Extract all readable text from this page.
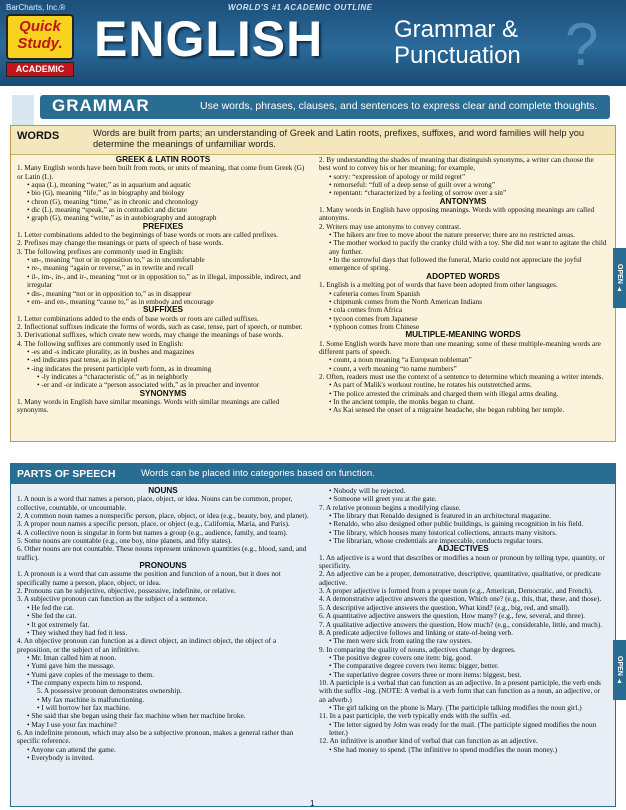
BarCharts, Inc.®	WORLD'S #1 ACADEMIC OUTLINE
Quick
Study.
ACADEMIC
ENGLISH	Grammar &
Punctuation ?
GRAMMAR	Use words, phrases, clauses, and sentences to express clear and complete thoughts.
WORDS	Words are built from parts; an understanding of Greek and Latin roots, prefixes, suffixes, and word families will help you determine the meanings of unfamiliar words.

GREEK & LATIN ROOTS

1. Many English words have been built from roots, or units of meaning, that come from Greek (G) or Latin (L).

• aqua (L), meaning “water,” as in aquarium and aquatic

• bio (G), meaning “life,” as in biography and biology

• chron (G), meaning “time,” as in chronic and chronology

• dic (L), meaning “speak,” as in contradict and dictate

• graph (G), meaning “write,” as in autobiography and autograph

PREFIXES

1. Letter combinations added to the beginnings of base words or roots are called prefixes.

2. Prefixes may change the meanings or parts of speech of base words.

3. The following prefixes are commonly used in English:

• un-, meaning “not or in opposition to,” as in uncomfortable

• re-, meaning “again or reverse,” as in rewrite and recall

• il-, im-, in-, and ir-, meaning “not or in opposition to,” as in illegal, impossible, indirect, and irregular

• dis-, meaning “not or in opposition to,” as in disappear

• em- and en-, meaning “cause to,” as in embody and encourage

SUFFIXES

1. Letter combinations added to the ends of base words or roots are called suffixes.

2. Inflectional suffixes indicate the forms of words, such as case, tense, part of speech, or number.

3. Derivational suffixes, which create new words, may change the meanings of base words.

4. The following suffixes are commonly used in English:

• -es and -s indicate plurality, as in bushes and magazines

• -ed indicates past tense, as in played

• -ing indicates the present participle verb form, as in dreaming

• -ly indicates a “characteristic of,” as in neighborly

• -er and -or indicate a “person associated with,” as in preacher and inventor

SYNONYMS

1. Many words in English have similar meanings. Words with similar meanings are called synonyms.

2. By understanding the shades of meaning that distinguish synonyms, a writer can choose the best word to convey his or her meaning; for example,

• sorry: “expression of apology or mild regret”

• remorseful: “full of a deep sense of guilt over a wrong”

• repentant: “characterized by a feeling of sorrow over a sin”

ANTONYMS

1. Many words in English have opposing meanings. Words with opposing meanings are called antonyms.

2. Writers may use antonyms to convey contrast.

• The hikers are free to move about the nature preserve; there are no restricted areas.

• The mother worked to pacify the cranky child with a toy. She did not want to agitate the child any further.

• In the sorrowful days that followed the funeral, Mario could not appreciate the joyful emergence of spring.

ADOPTED WORDS

1. English is a melting pot of words that have been adopted from other languages.

• cafeteria comes from Spanish

• chipmunk comes from the North American Indians

• cola comes from Africa

• tycoon comes from Japanese

• typhoon comes from Chinese

MULTIPLE-MEANING WORDS

1. Some English words have more than one meaning; some of these multiple-meaning words are different parts of speech.

• count, a noun meaning “a European nobleman”

• count, a verb meaning “to name numbers”

2. Often, readers must use the context of a sentence to determine which meaning a writer intends.

• As part of Malik's workout routine, he rotates his outstretched arms.

• The police arrested the criminals and charged them with illegal arms dealing.

• In the ancient temple, the monks began to chant.

• As Kai sensed the onset of a migraine headache, she began rubbing her temple.

PARTS OF SPEECH	Words can be placed into categories based on function.

NOUNS

1. A noun is a word that names a person, place, object, or idea. Nouns can be common, proper, collective, countable, or uncountable.

2. A common noun names a nonspecific person, place, object, or idea (e.g., beauty, boy, and planet).

3. A proper noun names a specific person, place, or object (e.g., California, Maria, and Paris).

4. A collective noun is singular in form but names a group (e.g., audience, family, and team).

5. Some nouns are countable (e.g., one boy, nine planets, and fifty states).

6. Other nouns are not countable. These nouns represent unknown quantities (e.g., blood, sand, and traffic).

PRONOUNS

1. A pronoun is a word that can assume the position and function of a noun, but it does not specifically name a person, place, object, or idea.

2. Pronouns can be subjective, objective, possessive, indefinite, or relative.

3. A subjective pronoun can function as the subject of a sentence.

• He fed the cat.

• She fed the cat.

• It got extremely fat.

• They wished they had fed it less.

4. An objective pronoun can function as a direct object, an indirect object, the object of a preposition, or the subject of an infinitive.

• Mr. Iman called him at noon.

• Yumi gave him the message.

• Yumi gave copies of the message to them.

• The company expects him to respond.

5. A possessive pronoun demonstrates ownership.

• My fax machine is malfunctioning.

• I will borrow her fax machine.

• She said that she began using their fax machine when her machine broke.

• May I use your fax machine?

6. An indefinite pronoun, which may also be a subjective pronoun, makes a general rather than specific reference.

• Anyone can attend the game.

• Everybody is invited.

• Nobody will be rejected.

• Someone will greet you at the gate.

7. A relative pronoun begins a modifying clause.

• The library that Renaldo designed is featured in an architectural magazine.

• Renaldo, who also designed other public buildings, is gaining recognition in his field.

• The library, which houses many historical collections, attracts many visitors.

• The librarian, whose credentials are impeccable, conducts regular tours.

ADJECTIVES

1. An adjective is a word that describes or modifies a noun or pronoun by telling type, quantity, or specificity.

2. An adjective can be a proper, demonstrative, descriptive, quantitative, qualitative, or predicate adjective.

3. A proper adjective is formed from a proper noun (e.g., American, Democratic, and French).

4. A demonstrative adjective answers the question, Which one? (e.g., this, that, these, and those).

5. A descriptive adjective answers the question, What kind? (e.g., big, red, and small).

6. A quantitative adjective answers the question, How many? (e.g., few, several, and three).

7. A qualitative adjective answers the question, How much? (e.g., considerable, little, and much).

8. A predicate adjective follows and linking or state-of-being verb.

• The men were sick from eating the raw oysters.

9. In comparing the quality of nouns, adjectives change by degrees.

• The positive degree covers one item: big, good.

• The comparative degree covers two items: bigger, better.

• The superlative degree covers three or more items: biggest, best.

10. A participle is a verbal that can function as an adjective. In a present participle, the verb ends with the suffix -ing. (NOTE: A verbal is a verb form that can function as a noun, an adjective, or an adverb.)

• The girl talking on the phone is Mary. (The participle talking modifies the noun girl.)

11. In a past participle, the verb typically ends with the suffix -ed.

• The letter signed by John was ready for the mail. (The participle signed modifies the noun letter.)

12. An infinitive is another kind of verbal that can function as an adjective.

• She had money to spend. (The infinitive to spend modifies the noun money.)

OPEN ▲
OPEN ▲
1
